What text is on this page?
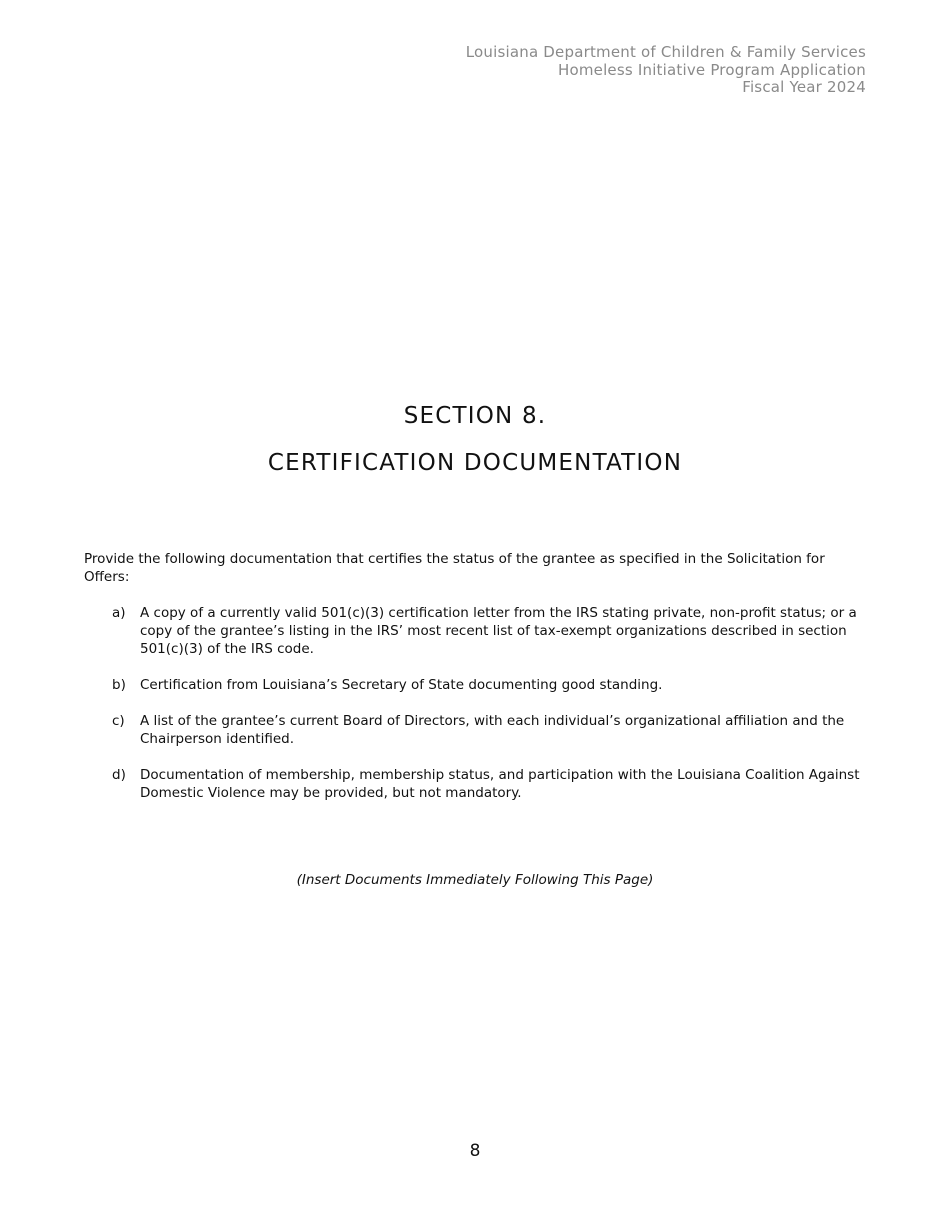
Louisiana Department of Children & Family Services
Homeless Initiative Program Application
Fiscal Year 2024
SECTION 8.
CERTIFICATION DOCUMENTATION
Provide the following documentation that certifies the status of the grantee as specified in the Solicitation for Offers:
a)	A copy of a currently valid 501(c)(3) certification letter from the IRS stating private, non-profit status; or a copy of the grantee’s listing in the IRS’ most recent list of tax-exempt organizations described in section 501(c)(3) of the IRS code.
b)	Certification from Louisiana’s Secretary of State documenting good standing.
c)	A list of the grantee’s current Board of Directors, with each individual’s organizational affiliation and the Chairperson identified.
d)	Documentation of membership, membership status, and participation with the Louisiana Coalition Against Domestic Violence may be provided, but not mandatory.
(Insert Documents Immediately Following This Page)
8
